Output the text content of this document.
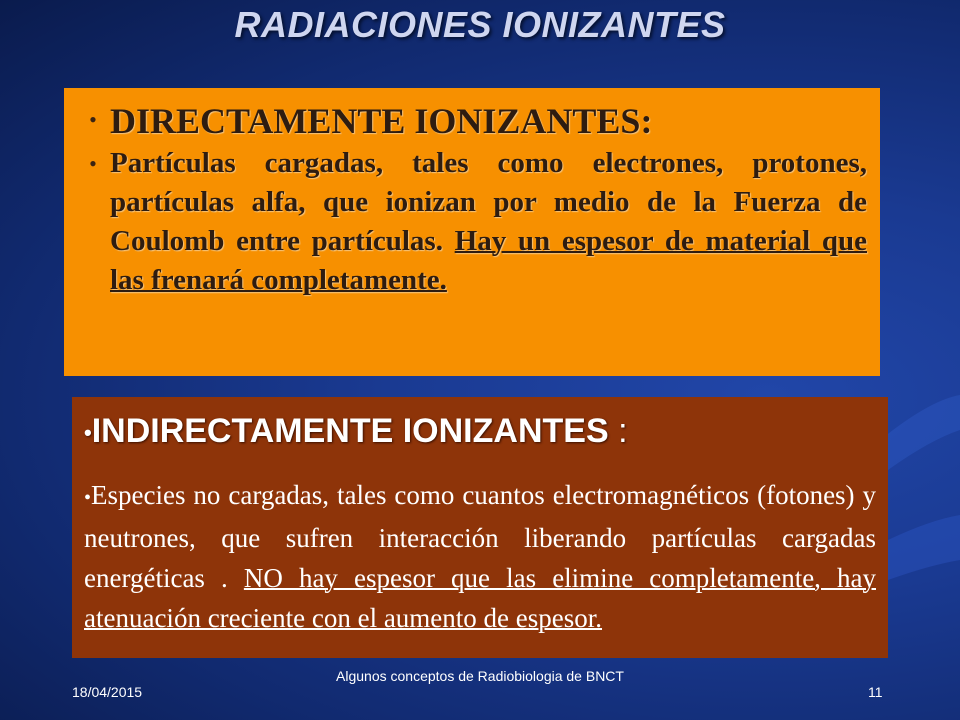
RADIACIONES IONIZANTES
• DIRECTAMENTE IONIZANTES:
• Partículas cargadas, tales como electrones, protones, partículas alfa, que ionizan por medio de la Fuerza de Coulomb entre partículas. Hay un espesor de material que las frenará completamente.
•INDIRECTAMENTE IONIZANTES :
•Especies no cargadas, tales como cuantos electromagnéticos (fotones) y neutrones, que sufren interacción liberando partículas cargadas energéticas . NO hay espesor que las elimine completamente, hay atenuación creciente con el aumento de espesor.
18/04/2015
Algunos conceptos de Radiobiologia de BNCT
11
